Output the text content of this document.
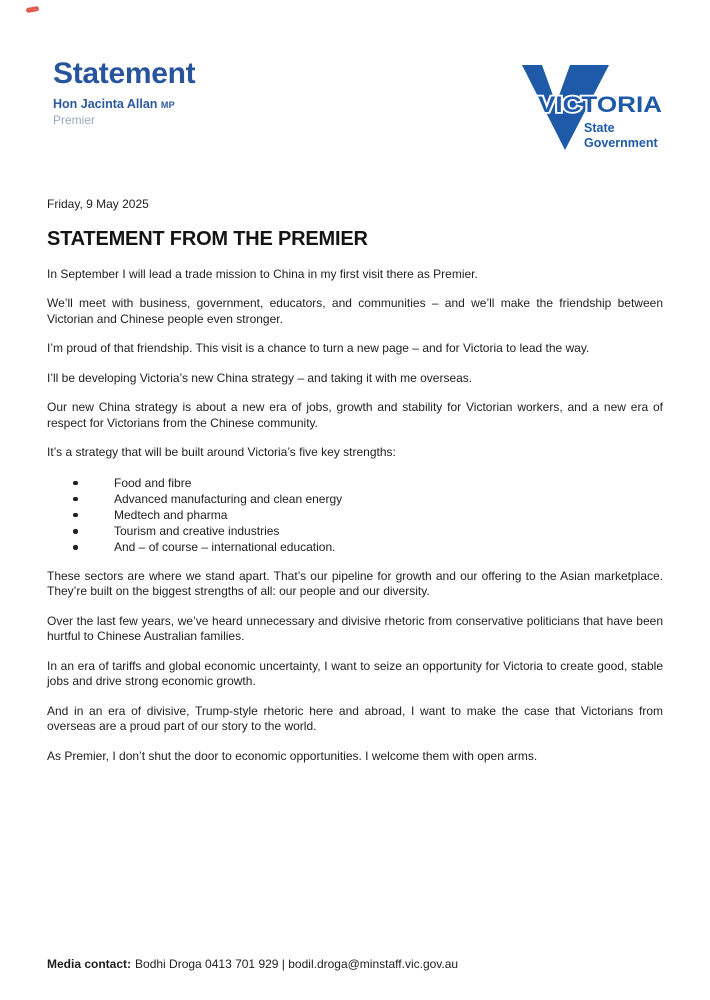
Statement
Hon Jacinta Allan MP
Premier
VICTORIA
State
Government

Friday, 9 May 2025

STATEMENT FROM THE PREMIER

In September I will lead a trade mission to China in my first visit there as Premier.

We’ll meet with business, government, educators, and communities – and we’ll make the friendship between Victorian and Chinese people even stronger.

I’m proud of that friendship. This visit is a chance to turn a new page – and for Victoria to lead the way.

I’ll be developing Victoria’s new China strategy – and taking it with me overseas.

Our new China strategy is about a new era of jobs, growth and stability for Victorian workers, and a new era of respect for Victorians from the Chinese community.

It’s a strategy that will be built around Victoria’s five key strengths:

Food and fibre
Advanced manufacturing and clean energy
Medtech and pharma
Tourism and creative industries
And – of course – international education.

These sectors are where we stand apart. That’s our pipeline for growth and our offering to the Asian marketplace. They’re built on the biggest strengths of all: our people and our diversity.

Over the last few years, we’ve heard unnecessary and divisive rhetoric from conservative politicians that have been hurtful to Chinese Australian families.

In an era of tariffs and global economic uncertainty, I want to seize an opportunity for Victoria to create good, stable jobs and drive strong economic growth.

And in an era of divisive, Trump-style rhetoric here and abroad, I want to make the case that Victorians from overseas are a proud part of our story to the world.

As Premier, I don’t shut the door to economic opportunities. I welcome them with open arms.

Media contact: Bodhi Droga 0413 701 929 | bodil.droga@minstaff.vic.gov.au
